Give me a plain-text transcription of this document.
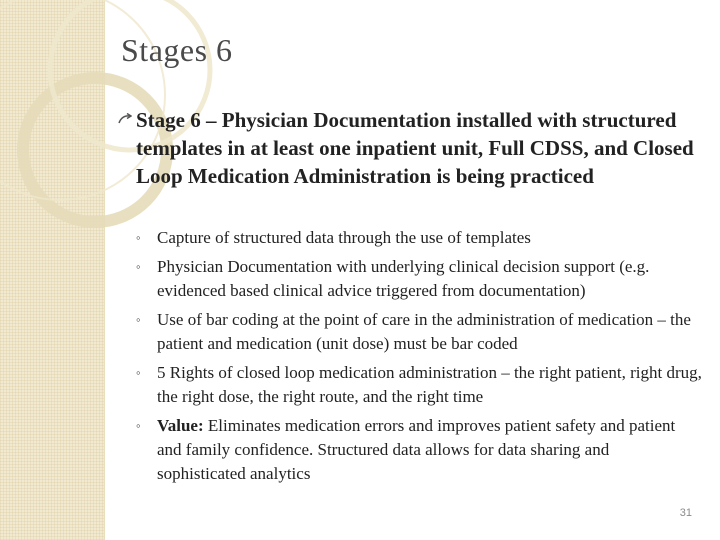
Stages 6
Stage 6 – Physician Documentation installed with structured templates in at least one inpatient unit, Full CDSS, and Closed Loop Medication Administration is being practiced
◦ Capture of structured data through the use of templates
◦ Physician Documentation with underlying clinical decision support (e.g. evidenced based clinical advice triggered from documentation)
◦ Use of bar coding at the point of care in the administration of medication – the patient and medication (unit dose) must be bar coded
◦ 5 Rights of closed loop medication administration – the right patient, right drug, the right dose, the right route, and the right time
◦ Value: Eliminates medication errors and improves patient safety and patient and family confidence. Structured data allows for data sharing and sophisticated analytics
31
